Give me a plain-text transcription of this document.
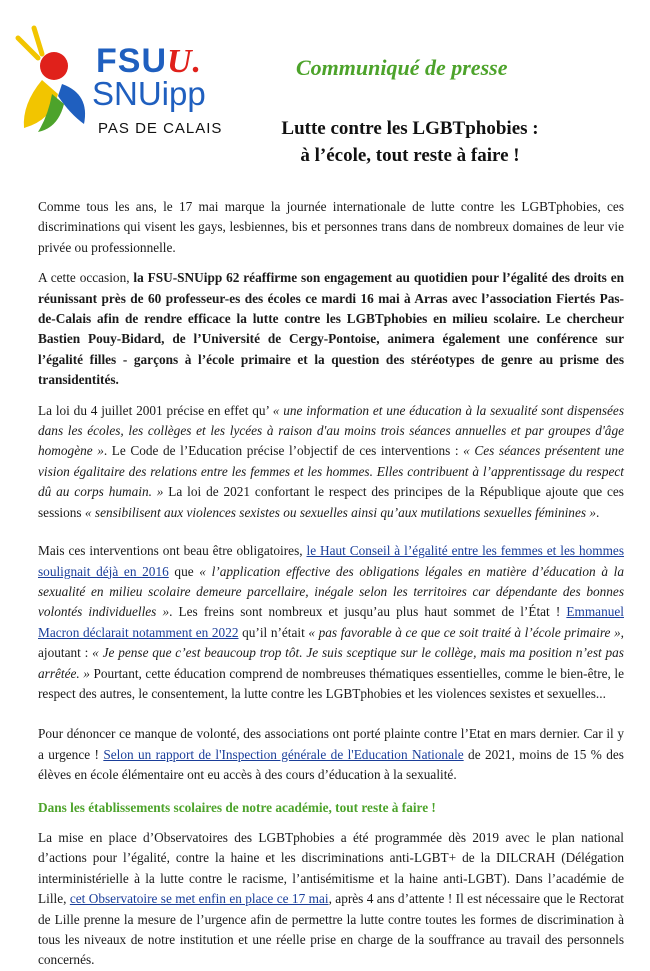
FSUU.
SNUipp
PAS DE CALAIS
Communiqué de presse
Lutte contre les LGBTphobies :
à l’école, tout reste à faire !

Comme tous les ans, le 17 mai marque la journée internationale de lutte contre les LGBTphobies, ces discriminations qui visent les gays, lesbiennes, bis et personnes trans dans de nombreux domaines de leur vie privée ou professionnelle.

A cette occasion, la FSU-SNUipp 62 réaffirme son engagement au quotidien pour l’égalité des droits en réunissant près de 60 professeur-es des écoles ce mardi 16 mai à Arras avec l’association Fiertés Pas-de-Calais afin de rendre efficace la lutte contre les LGBTphobies en milieu scolaire. Le chercheur Bastien Pouy-Bidard, de l’Université de Cergy-Pontoise, animera également une conférence sur l’égalité filles - garçons à l’école primaire et la question des stéréotypes de genre au prisme des transidentités.

La loi du 4 juillet 2001 précise en effet qu’ « une information et une éducation à la sexualité sont dispensées dans les écoles, les collèges et les lycées à raison d'au moins trois séances annuelles et par groupes d'âge homogène ». Le Code de l’Education précise l’objectif de ces interventions : « Ces séances présentent une vision égalitaire des relations entre les femmes et les hommes. Elles contribuent à l’apprentissage du respect dû au corps humain. » La loi de 2021 confortant le respect des principes de la République ajoute que ces sessions « sensibilisent aux violences sexistes ou sexuelles ainsi qu’aux mutilations sexuelles féminines ».

Mais ces interventions ont beau être obligatoires, le Haut Conseil à l’égalité entre les femmes et les hommes soulignait déjà en 2016 que « l’application effective des obligations légales en matière d’éducation à la sexualité en milieu scolaire demeure parcellaire, inégale selon les territoires car dépendante des bonnes volontés individuelles ». Les freins sont nombreux et jusqu’au plus haut sommet de l’État ! Emmanuel Macron déclarait notamment en 2022 qu’il n’était « pas favorable à ce que ce soit traité à l’école primaire », ajoutant : « Je pense que c’est beaucoup trop tôt. Je suis sceptique sur le collège, mais ma position n’est pas arrêtée. » Pourtant, cette éducation comprend de nombreuses thématiques essentielles, comme le bien-être, le respect des autres, le consentement, la lutte contre les LGBTphobies et les violences sexistes et sexuelles...

Pour dénoncer ce manque de volonté, des associations ont porté plainte contre l’Etat en mars dernier. Car il y a urgence ! Selon un rapport de l'Inspection générale de l'Education Nationale de 2021, moins de 15 % des élèves en école élémentaire ont eu accès à des cours d’éducation à la sexualité.

Dans les établissements scolaires de notre académie, tout reste à faire !

La mise en place d’Observatoires des LGBTphobies a été programmée dès 2019 avec le plan national d’actions pour l’égalité, contre la haine et les discriminations anti-LGBT+ de la DILCRAH (Délégation interministérielle à la lutte contre le racisme, l’antisémitisme et la haine anti-LGBT). Dans l’académie de Lille, cet Observatoire se met enfin en place ce 17 mai, après 4 ans d’attente ! Il est nécessaire que le Rectorat de Lille prenne la mesure de l’urgence afin de permettre la lutte contre toutes les formes de discrimination à tous les niveaux de notre institution et une réelle prise en charge de la souffrance au travail des personnels concernés.
